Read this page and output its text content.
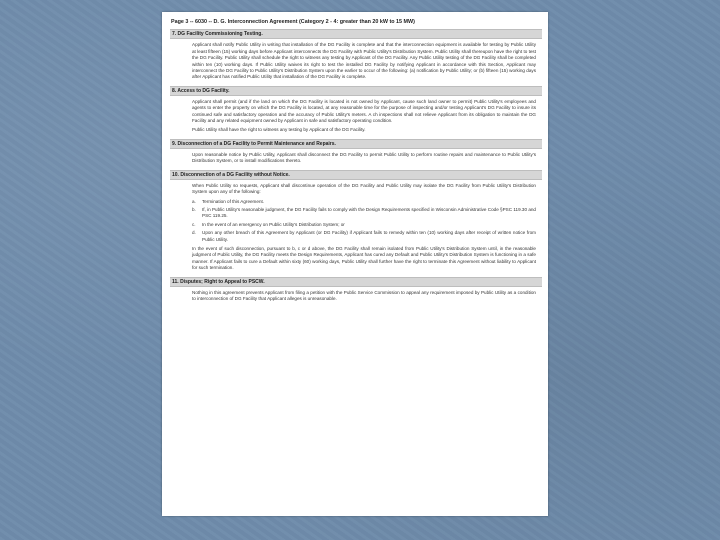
Page 3 -- 6030 -- D. G. Interconnection Agreement (Category 2 - 4: greater than 20 kW to 15 MW)
7. DG Facility Commissioning Testing.
Applicant shall notify Public Utility in writing that installation of the DG Facility is complete and that the interconnection equipment is available for testing by Public Utility at least fifteen (15) working days before Applicant interconnects the DG Facility with Public Utility's Distribution System. Public Utility shall thereupon have the right to test the DG Facility. Public Utility shall schedule the right to witness any testing by Applicant of the DG Facility. Any Public Utility testing of the DG Facility shall be completed within ten (10) working days. If Public Utility waives its right to test the installed DG Facility by notifying Applicant in accordance with this Section, Applicant may interconnect the DG Facility to Public Utility's Distribution System upon the earlier to occur of the following: (a) notification by Public Utility; or (b) fifteen (15) working days after Applicant has notified Public Utility that installation of the DG Facility is complete.
8. Access to DG Facility.
Applicant shall permit (and if the land on which the DG Facility is located is not owned by Applicant, cause such land owner to permit) Public Utility's employees and agents to enter the property on which the DG Facility is located, at any reasonable time for the purpose of inspecting and/or testing Applicant's DG Facility to insure its continued safe and satisfactory operation and the accuracy of Public Utility's meters. A ch inspections shall not relieve Applicant from its obligation to maintain the DG Facility and any related equipment owned by Applicant in safe and satisfactory operating condition.
Public Utility shall have the right to witness any testing by Applicant of the DG Facility.
9. Disconnection of a DG Facility to Permit Maintenance and Repairs.
Upon reasonable notice by Public Utility, Applicant shall disconnect the DG Facility to permit Public Utility to perform routine repairs and maintenance to Public Utility's Distribution System, or to install modifications thereto.
10. Disconnection of a DG Facility without Notice.
When Public Utility so requests, Applicant shall discontinue operation of the DG Facility and Public Utility may isolate the DG Facility from Public Utility's Distribution System upon any of the following:
a.	Termination of this Agreement.
b.	If, in Public Utility's reasonable judgment, the DG Facility fails to comply with the Design Requirements specified in Wisconsin Administrative Code §PSC 119.30 and PSC 119.25.
c.	In the event of an emergency on Public Utility's Distribution System; or
d.	Upon any other breach of this Agreement by Applicant (or DG Facility) if Applicant fails to remedy within ten (10) working days after receipt of written notice from Public Utility.
In the event of such disconnection, pursuant to b, c or d above, the DG Facility shall remain isolated from Public Utility's Distribution System until, in the reasonable judgment of Public Utility, the DG Facility meets the Design Requirements, Applicant has cured any Default and Public Utility's Distribution System is functioning in a safe manner. If Applicant fails to cure a Default within sixty (60) working days, Public Utility shall further have the right to terminate this Agreement without liability to Applicant for such termination.
11. Disputes; Right to Appeal to PSCW.
Nothing in this agreement prevents Applicant from filing a petition with the Public Service Commission to appeal any requirement imposed by Public Utility as a condition to interconnection of DG Facility that Applicant alleges is unreasonable.
